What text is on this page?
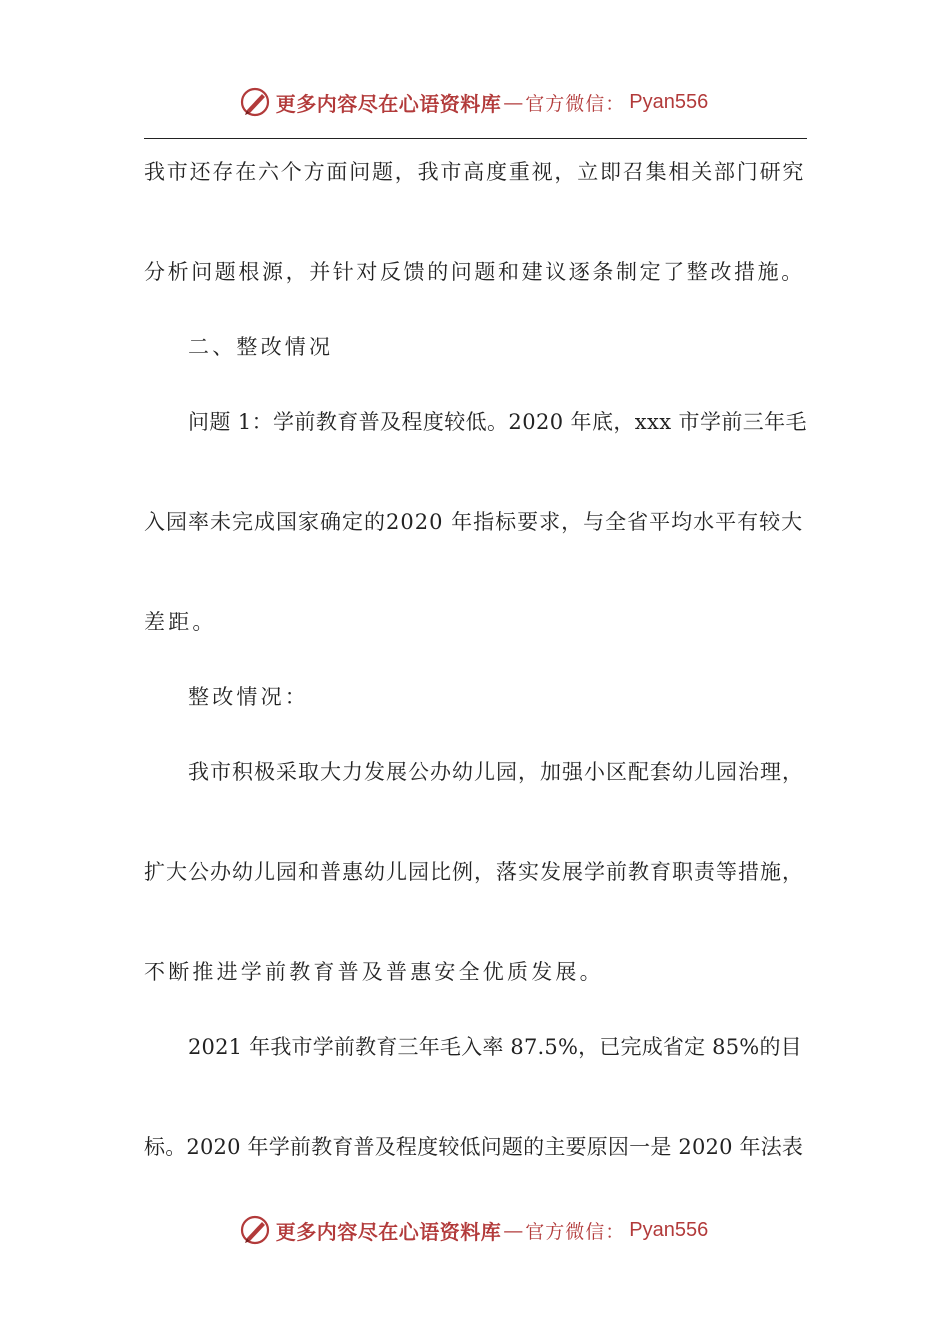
更多内容尽在心语资料库 — 官方微信： Pyan556
我市还存在六个方面问题，我市高度重视，立即召集相关部门研究
分析问题根源，并针对反馈的问题和建议逐条制定了整改措施。
二、整改情况
问题 1：学前教育普及程度较低。2020 年底，xxx 市学前三年毛
入园率未完成国家确定的2020 年指标要求，与全省平均水平有较大
差距。
整改情况：
我市积极采取大力发展公办幼儿园，加强小区配套幼儿园治理，
扩大公办幼儿园和普惠幼儿园比例，落实发展学前教育职责等措施，
不断推进学前教育普及普惠安全优质发展。
2021 年我市学前教育三年毛入率 87.5%，已完成省定 85%的目
标。2020 年学前教育普及程度较低问题的主要原因一是 2020 年法表
更多内容尽在心语资料库 — 官方微信： Pyan556
